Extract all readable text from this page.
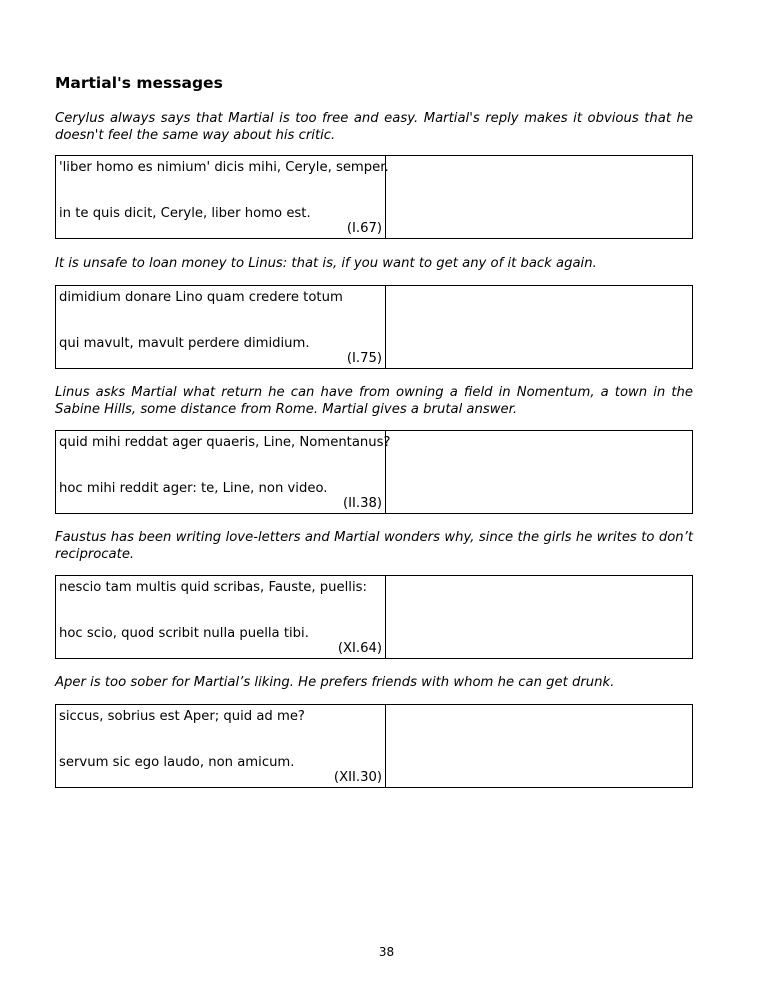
Martial's messages

Cerylus always says that Martial is too free and easy. Martial's reply makes it obvious that he doesn't feel the same way about his critic.

'liber homo es nimium' dicis mihi, Ceryle, semper.
in te quis dicit, Ceryle, liber homo est.
(I.67)

It is unsafe to loan money to Linus: that is, if you want to get any of it back again.

dimidium donare Lino quam credere totum
qui mavult, mavult perdere dimidium.
(I.75)

Linus asks Martial what return he can have from owning a field in Nomentum, a town in the Sabine Hills, some distance from Rome. Martial gives a brutal answer.

quid mihi reddat ager quaeris, Line, Nomentanus?
hoc mihi reddit ager: te, Line, non video.
(II.38)

Faustus has been writing love-letters and Martial wonders why, since the girls he writes to don’t reciprocate.

nescio tam multis quid scribas, Fauste, puellis:
hoc scio, quod scribit nulla puella tibi.
(XI.64)

Aper is too sober for Martial’s liking. He prefers friends with whom he can get drunk.

siccus, sobrius est Aper; quid ad me?
servum sic ego laudo, non amicum.
(XII.30)
38
